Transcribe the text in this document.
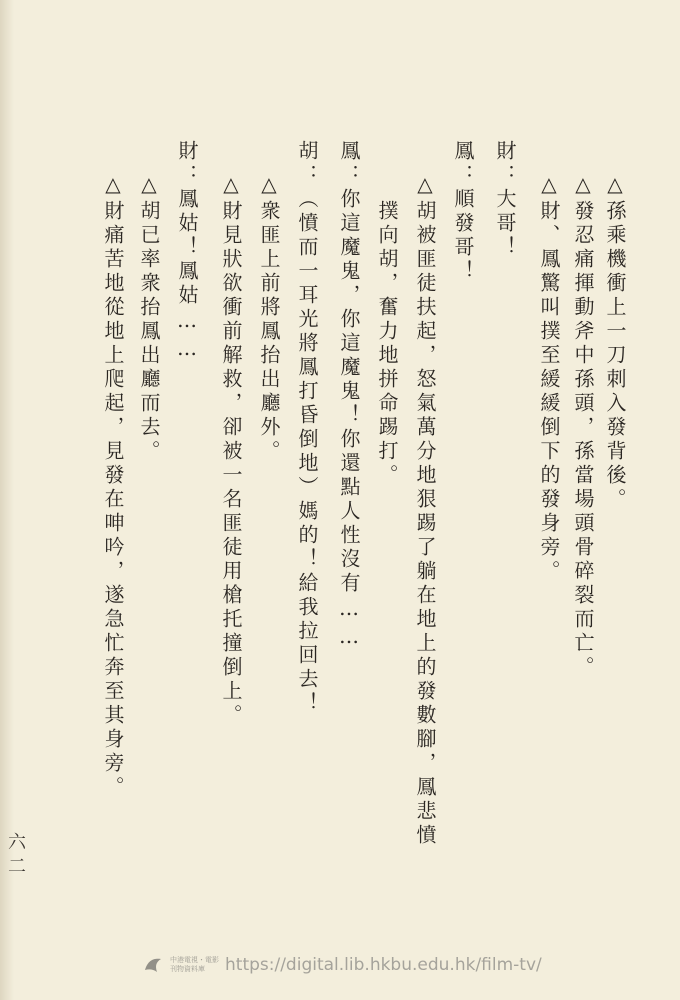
△孫乘機衝上一刀刺入發背後。
△發忍痛揮動斧中孫頭，孫當場頭骨碎裂而亡。
△財、鳳驚叫撲至緩緩倒下的發身旁。
財：大哥！
鳳：順發哥！
△胡被匪徒扶起，怒氣萬分地狠踢了躺在地上的發數腳，鳳悲憤
撲向胡，奮力地拼命踢打。
鳳：你這魔鬼，你這魔鬼！你還點人性沒有……
胡：（憤而一耳光將鳳打昏倒地）媽的！給我拉回去！
△衆匪上前將鳳抬出廳外。
△財見狀欲衝前解救，卻被一名匪徒用槍托撞倒上。
財：鳳姑！鳳姑……
△胡已率衆抬鳳出廳而去。
△財痛苦地從地上爬起，見發在呻吟，遂急忙奔至其身旁。
六二
中港電視・電影
刊物資料庫	https://digital.lib.hkbu.edu.hk/film-tv/
